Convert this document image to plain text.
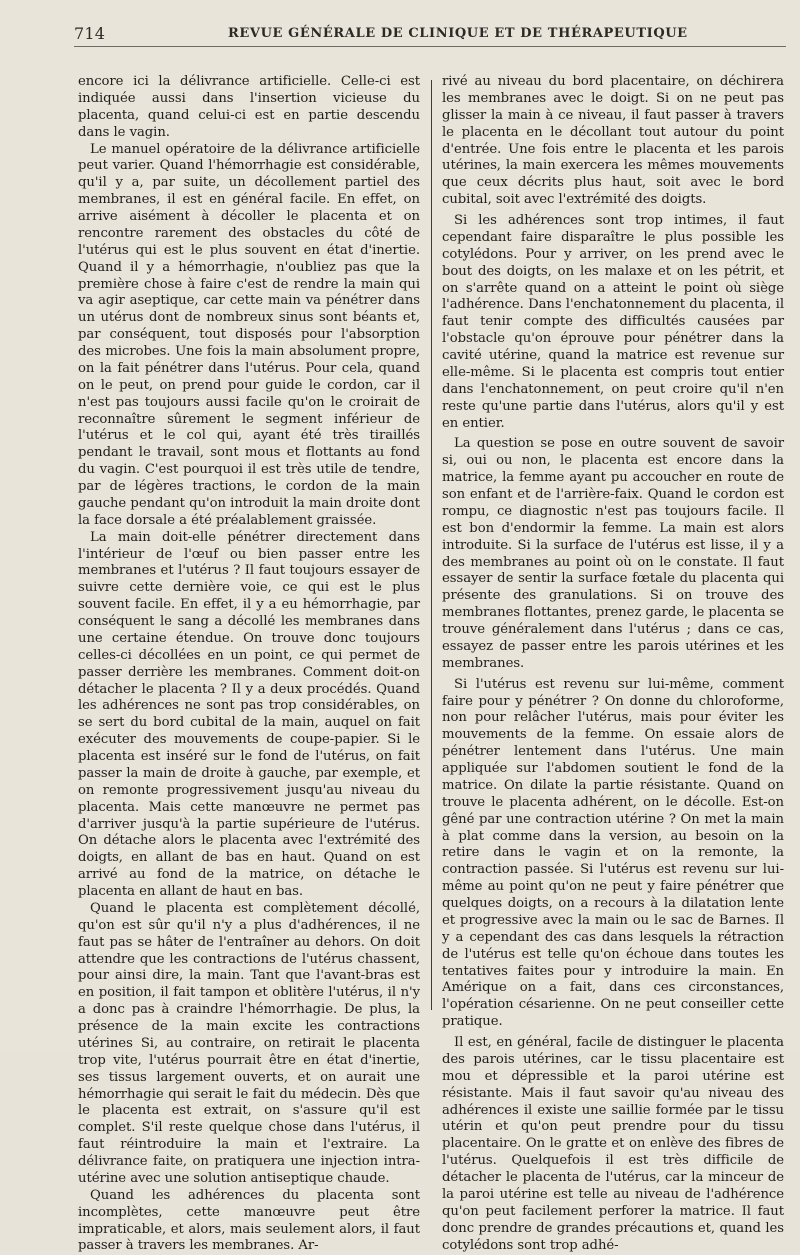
714	REVUE GÉNÉRALE DE CLINIQUE ET DE THÉRAPEUTIQUE

encore ici la délivrance artificielle. Celle-ci est indiquée aussi dans l'insertion vicieuse du placenta, quand celui-ci est en partie descendu dans le vagin.

Le manuel opératoire de la délivrance artificielle peut varier. Quand l'hémorrhagie est considérable, qu'il y a, par suite, un décollement partiel des membranes, il est en général facile. En effet, on arrive aisément à décoller le placenta et on rencontre rarement des obstacles du côté de l'utérus qui est le plus souvent en état d'inertie. Quand il y a hémorrhagie, n'oubliez pas que la première chose à faire c'est de rendre la main qui va agir aseptique, car cette main va pénétrer dans un utérus dont de nombreux sinus sont béants et, par conséquent, tout disposés pour l'absorption des microbes. Une fois la main absolument propre, on la fait pénétrer dans l'utérus. Pour cela, quand on le peut, on prend pour guide le cordon, car il n'est pas toujours aussi facile qu'on le croirait de reconnaître sûrement le segment inférieur de l'utérus et le col qui, ayant été très tiraillés pendant le travail, sont mous et flottants au fond du vagin. C'est pourquoi il est très utile de tendre, par de légères tractions, le cordon de la main gauche pendant qu'on introduit la main droite dont la face dorsale a été préalablement graissée.

La main doit-elle pénétrer directement dans l'intérieur de l'œuf ou bien passer entre les membranes et l'utérus ? Il faut toujours essayer de suivre cette dernière voie, ce qui est le plus souvent facile. En effet, il y a eu hémorrhagie, par conséquent le sang a décollé les membranes dans une certaine étendue. On trouve donc toujours celles-ci décollées en un point, ce qui permet de passer derrière les membranes. Comment doit-on détacher le placenta ? Il y a deux procédés. Quand les adhérences ne sont pas trop considérables, on se sert du bord cubital de la main, auquel on fait exécuter des mouvements de coupe-papier. Si le placenta est inséré sur le fond de l'utérus, on fait passer la main de droite à gauche, par exemple, et on remonte progressivement jusqu'au niveau du placenta. Mais cette manœuvre ne permet pas d'arriver jusqu'à la partie supérieure de l'utérus. On détache alors le placenta avec l'extrémité des doigts, en allant de bas en haut. Quand on est arrivé au fond de la matrice, on détache le placenta en allant de haut en bas.

Quand le placenta est complètement décollé, qu'on est sûr qu'il n'y a plus d'adhérences, il ne faut pas se hâter de l'entraîner au dehors. On doit attendre que les contractions de l'utérus chassent, pour ainsi dire, la main. Tant que l'avant-bras est en position, il fait tampon et oblitère l'utérus, il n'y a donc pas à craindre l'hémorrhagie. De plus, la présence de la main excite les contractions utérines Si, au contraire, on retirait le placenta trop vite, l'utérus pourrait être en état d'inertie, ses tissus largement ouverts, et on aurait une hémorrhagie qui serait le fait du médecin. Dès que le placenta est extrait, on s'assure qu'il est complet. S'il reste quelque chose dans l'utérus, il faut réintroduire la main et l'extraire. La délivrance faite, on pratiquera une injection intra-utérine avec une solution antiseptique chaude.

Quand les adhérences du placenta sont incomplètes, cette manœuvre peut être impraticable, et alors, mais seulement alors, il faut passer à travers les membranes. Ar-

rivé au niveau du bord placentaire, on déchirera les membranes avec le doigt. Si on ne peut pas glisser la main à ce niveau, il faut passer à travers le placenta en le décollant tout autour du point d'entrée. Une fois entre le placenta et les parois utérines, la main exercera les mêmes mouvements que ceux décrits plus haut, soit avec le bord cubital, soit avec l'extrémité des doigts.

Si les adhérences sont trop intimes, il faut cependant faire disparaître le plus possible les cotylédons. Pour y arriver, on les prend avec le bout des doigts, on les malaxe et on les pétrit, et on s'arrête quand on a atteint le point où siège l'adhérence. Dans l'enchatonnement du placenta, il faut tenir compte des difficultés causées par l'obstacle qu'on éprouve pour pénétrer dans la cavité utérine, quand la matrice est revenue sur elle-même. Si le placenta est compris tout entier dans l'enchatonnement, on peut croire qu'il n'en reste qu'une partie dans l'utérus, alors qu'il y est en entier.

La question se pose en outre souvent de savoir si, oui ou non, le placenta est encore dans la matrice, la femme ayant pu accoucher en route de son enfant et de l'arrière-faix. Quand le cordon est rompu, ce diagnostic n'est pas toujours facile. Il est bon d'endormir la femme. La main est alors introduite. Si la surface de l'utérus est lisse, il y a des membranes au point où on le constate. Il faut essayer de sentir la surface fœtale du placenta qui présente des granulations. Si on trouve des membranes flottantes, prenez garde, le placenta se trouve généralement dans l'utérus ; dans ce cas, essayez de passer entre les parois utérines et les membranes.

Si l'utérus est revenu sur lui-même, comment faire pour y pénétrer ? On donne du chloroforme, non pour relâcher l'utérus, mais pour éviter les mouvements de la femme. On essaie alors de pénétrer lentement dans l'utérus. Une main appliquée sur l'abdomen soutient le fond de la matrice. On dilate la partie résistante. Quand on trouve le placenta adhérent, on le décolle. Est-on gêné par une contraction utérine ? On met la main à plat comme dans la version, au besoin on la retire dans le vagin et on la remonte, la contraction passée. Si l'utérus est revenu sur lui-même au point qu'on ne peut y faire pénétrer que quelques doigts, on a recours à la dilatation lente et progressive avec la main ou le sac de Barnes. Il y a cependant des cas dans lesquels la rétraction de l'utérus est telle qu'on échoue dans toutes les tentatives faites pour y introduire la main. En Amérique on a fait, dans ces circonstances, l'opération césarienne. On ne peut conseiller cette pratique.

Il est, en général, facile de distinguer le placenta des parois utérines, car le tissu placentaire est mou et dépressible et la paroi utérine est résistante. Mais il faut savoir qu'au niveau des adhérences il existe une saillie formée par le tissu utérin et qu'on peut prendre pour du tissu placentaire. On le gratte et on enlève des fibres de l'utérus. Quelquefois il est très difficile de détacher le placenta de l'utérus, car la minceur de la paroi utérine est telle au niveau de l'adhérence qu'on peut facilement perforer la matrice. Il faut donc prendre de grandes précautions et, quand les cotylédons sont trop adhé-
